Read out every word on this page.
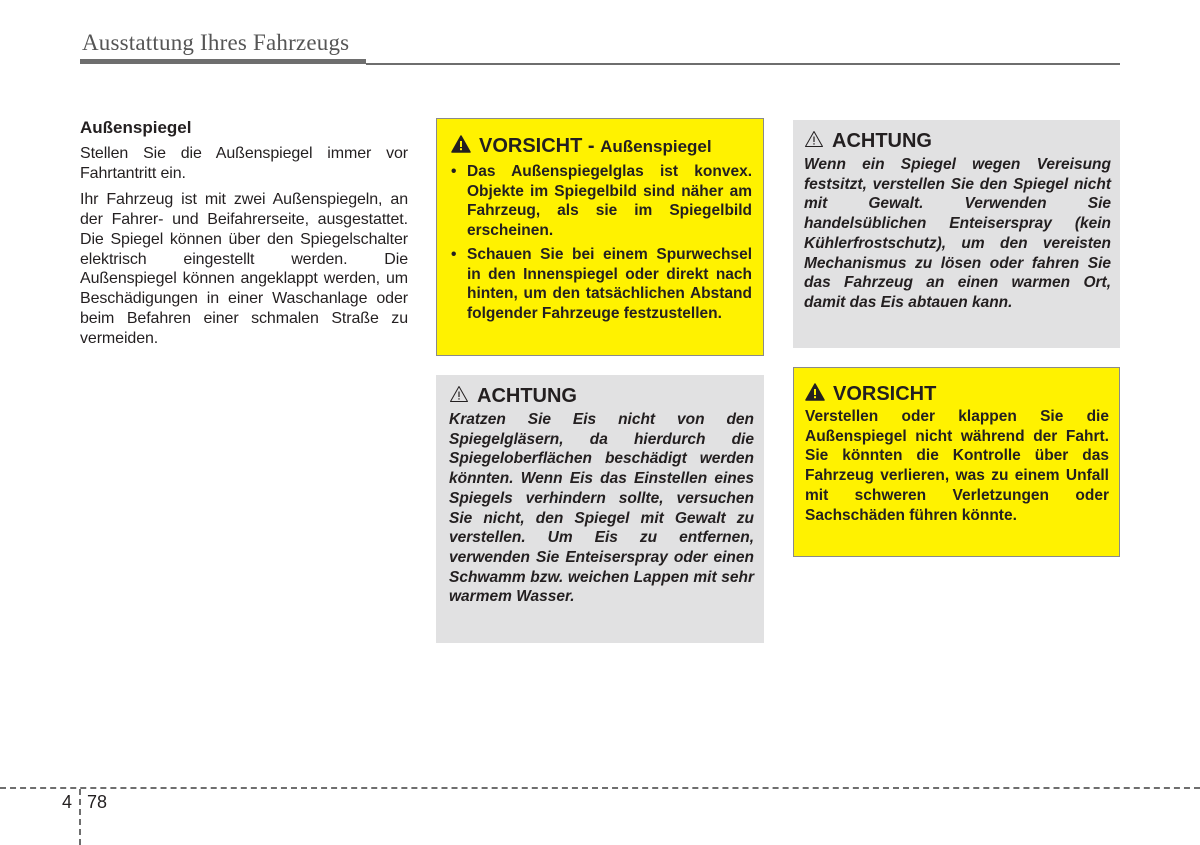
Ausstattung Ihres Fahrzeugs
Außenspiegel

Stellen Sie die Außenspiegel immer vor Fahrtantritt ein.

Ihr Fahrzeug ist mit zwei Außenspiegeln, an der Fahrer- und Beifahrerseite, ausgestattet. Die Spiegel können über den Spiegelschalter elektrisch eingestellt werden. Die Außenspiegel können angeklappt werden, um Beschädigungen in einer Waschanlage oder beim Befahren einer schmalen Straße zu vermeiden.

VORSICHT - Außenspiegel
• Das Außenspiegelglas ist konvex. Objekte im Spiegelbild sind näher am Fahrzeug, als sie im Spiegelbild erscheinen.
• Schauen Sie bei einem Spurwechsel in den Innenspiegel oder direkt nach hinten, um den tatsächlichen Abstand folgender Fahrzeuge festzustellen.
ACHTUNG

Kratzen Sie Eis nicht von den Spiegelgläsern, da hierdurch die Spiegeloberflächen beschädigt werden könnten. Wenn Eis das Einstellen eines Spiegels verhindern sollte, versuchen Sie nicht, den Spiegel mit Gewalt zu verstellen. Um Eis zu entfernen, verwenden Sie Enteiserspray oder einen Schwamm bzw. weichen Lappen mit sehr warmem Wasser.

ACHTUNG

Wenn ein Spiegel wegen Vereisung festsitzt, verstellen Sie den Spiegel nicht mit Gewalt. Verwenden Sie handelsüblichen Enteiserspray (kein Kühlerfrostschutz), um den vereisten Mechanismus zu lösen oder fahren Sie das Fahrzeug an einen warmen Ort, damit das Eis abtauen kann.

VORSICHT

Verstellen oder klappen Sie die Außenspiegel nicht während der Fahrt. Sie könnten die Kontrolle über das Fahrzeug verlieren, was zu einem Unfall mit schweren Verletzungen oder Sachschäden führen könnte.

4 78
